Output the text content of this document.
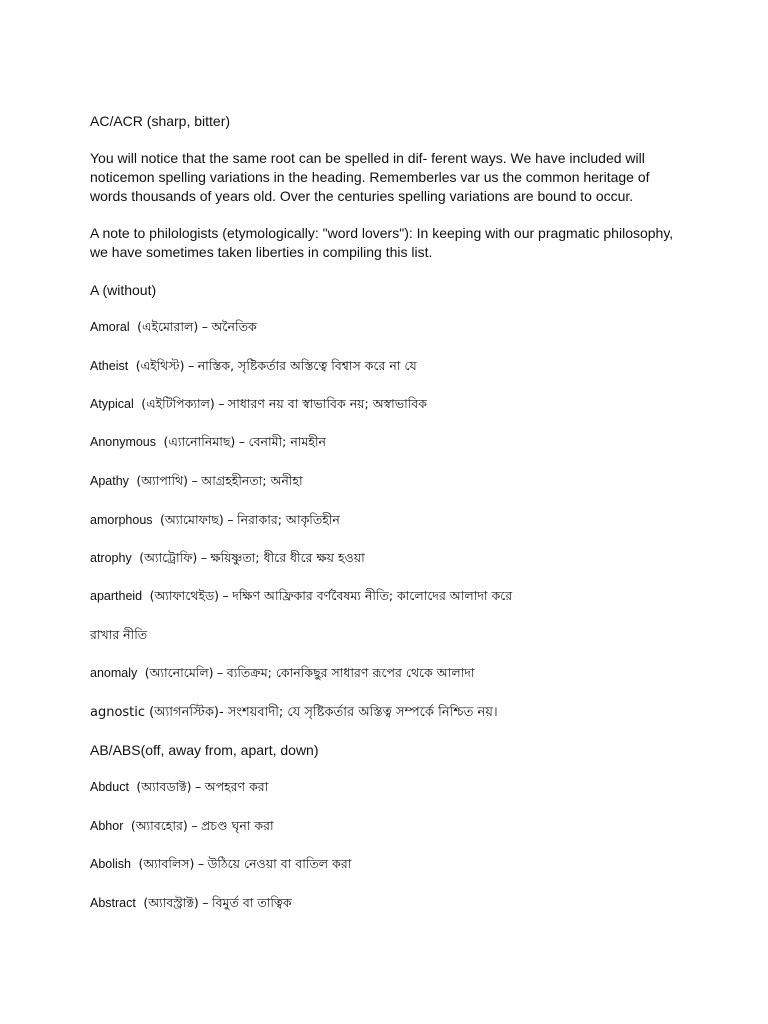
AC/ACR (sharp, bitter)

You will notice that the same root can be spelled in dif- ferent ways. We have included will noticemon spelling variations in the heading. Rememberles var us the common heritage of words thousands of years old. Over the centuries spelling variations are bound to occur.

A note to philologists (etymologically: "word lovers"): In keeping with our pragmatic philosophy, we have sometimes taken liberties in compiling this list.

A (without)

Amoral (এইমোরাল) – অনৈতিক
Atheist (এইথিস্ট) – নাস্তিক, সৃষ্টিকর্তার অস্তিত্বে বিশ্বাস করে না যে
Atypical (এইটিপিক্যাল) – সাধারণ নয় বা স্বাভাবিক নয়; অস্বাভাবিক
Anonymous (এ্যানোনিমাছ) – বেনামী; নামহীন
Apathy (অ্যাপাথি) – আগ্রহহীনতা; অনীহা
amorphous (অ্যামোফাছ) – নিরাকার; আকৃতিহীন
atrophy (অ্যাট্রোফি) – ক্ষয়িষ্ণুতা; ধীরে ধীরে ক্ষয় হওয়া
apartheid (অ্যাফাথেইড) – দক্ষিণ আফ্রিকার বর্ণবৈষম্য নীতি; কালোদের আলাদা করে
রাখার নীতি
anomaly (অ্যানোমেলি) – ব্যতিক্রম; কোনকিছুর সাধারণ রূপের থেকে আলাদা
agnostic (অ্যাগনস্টিক)- সংশয়বাদী; যে সৃষ্টিকর্তার অস্তিত্ব সম্পর্কে নিশ্চিত নয়।

AB/ABS(off, away from, apart, down)

Abduct (অ্যাবডাক্ট) – অপহরণ করা
Abhor (অ্যাবহোর) – প্রচণ্ড ঘৃনা করা
Abolish (অ্যাবলিস) – উঠিয়ে নেওয়া বা বাতিল করা
Abstract (অ্যাবস্ট্রাক্ট) – বিমুর্ত বা তাত্বিক
